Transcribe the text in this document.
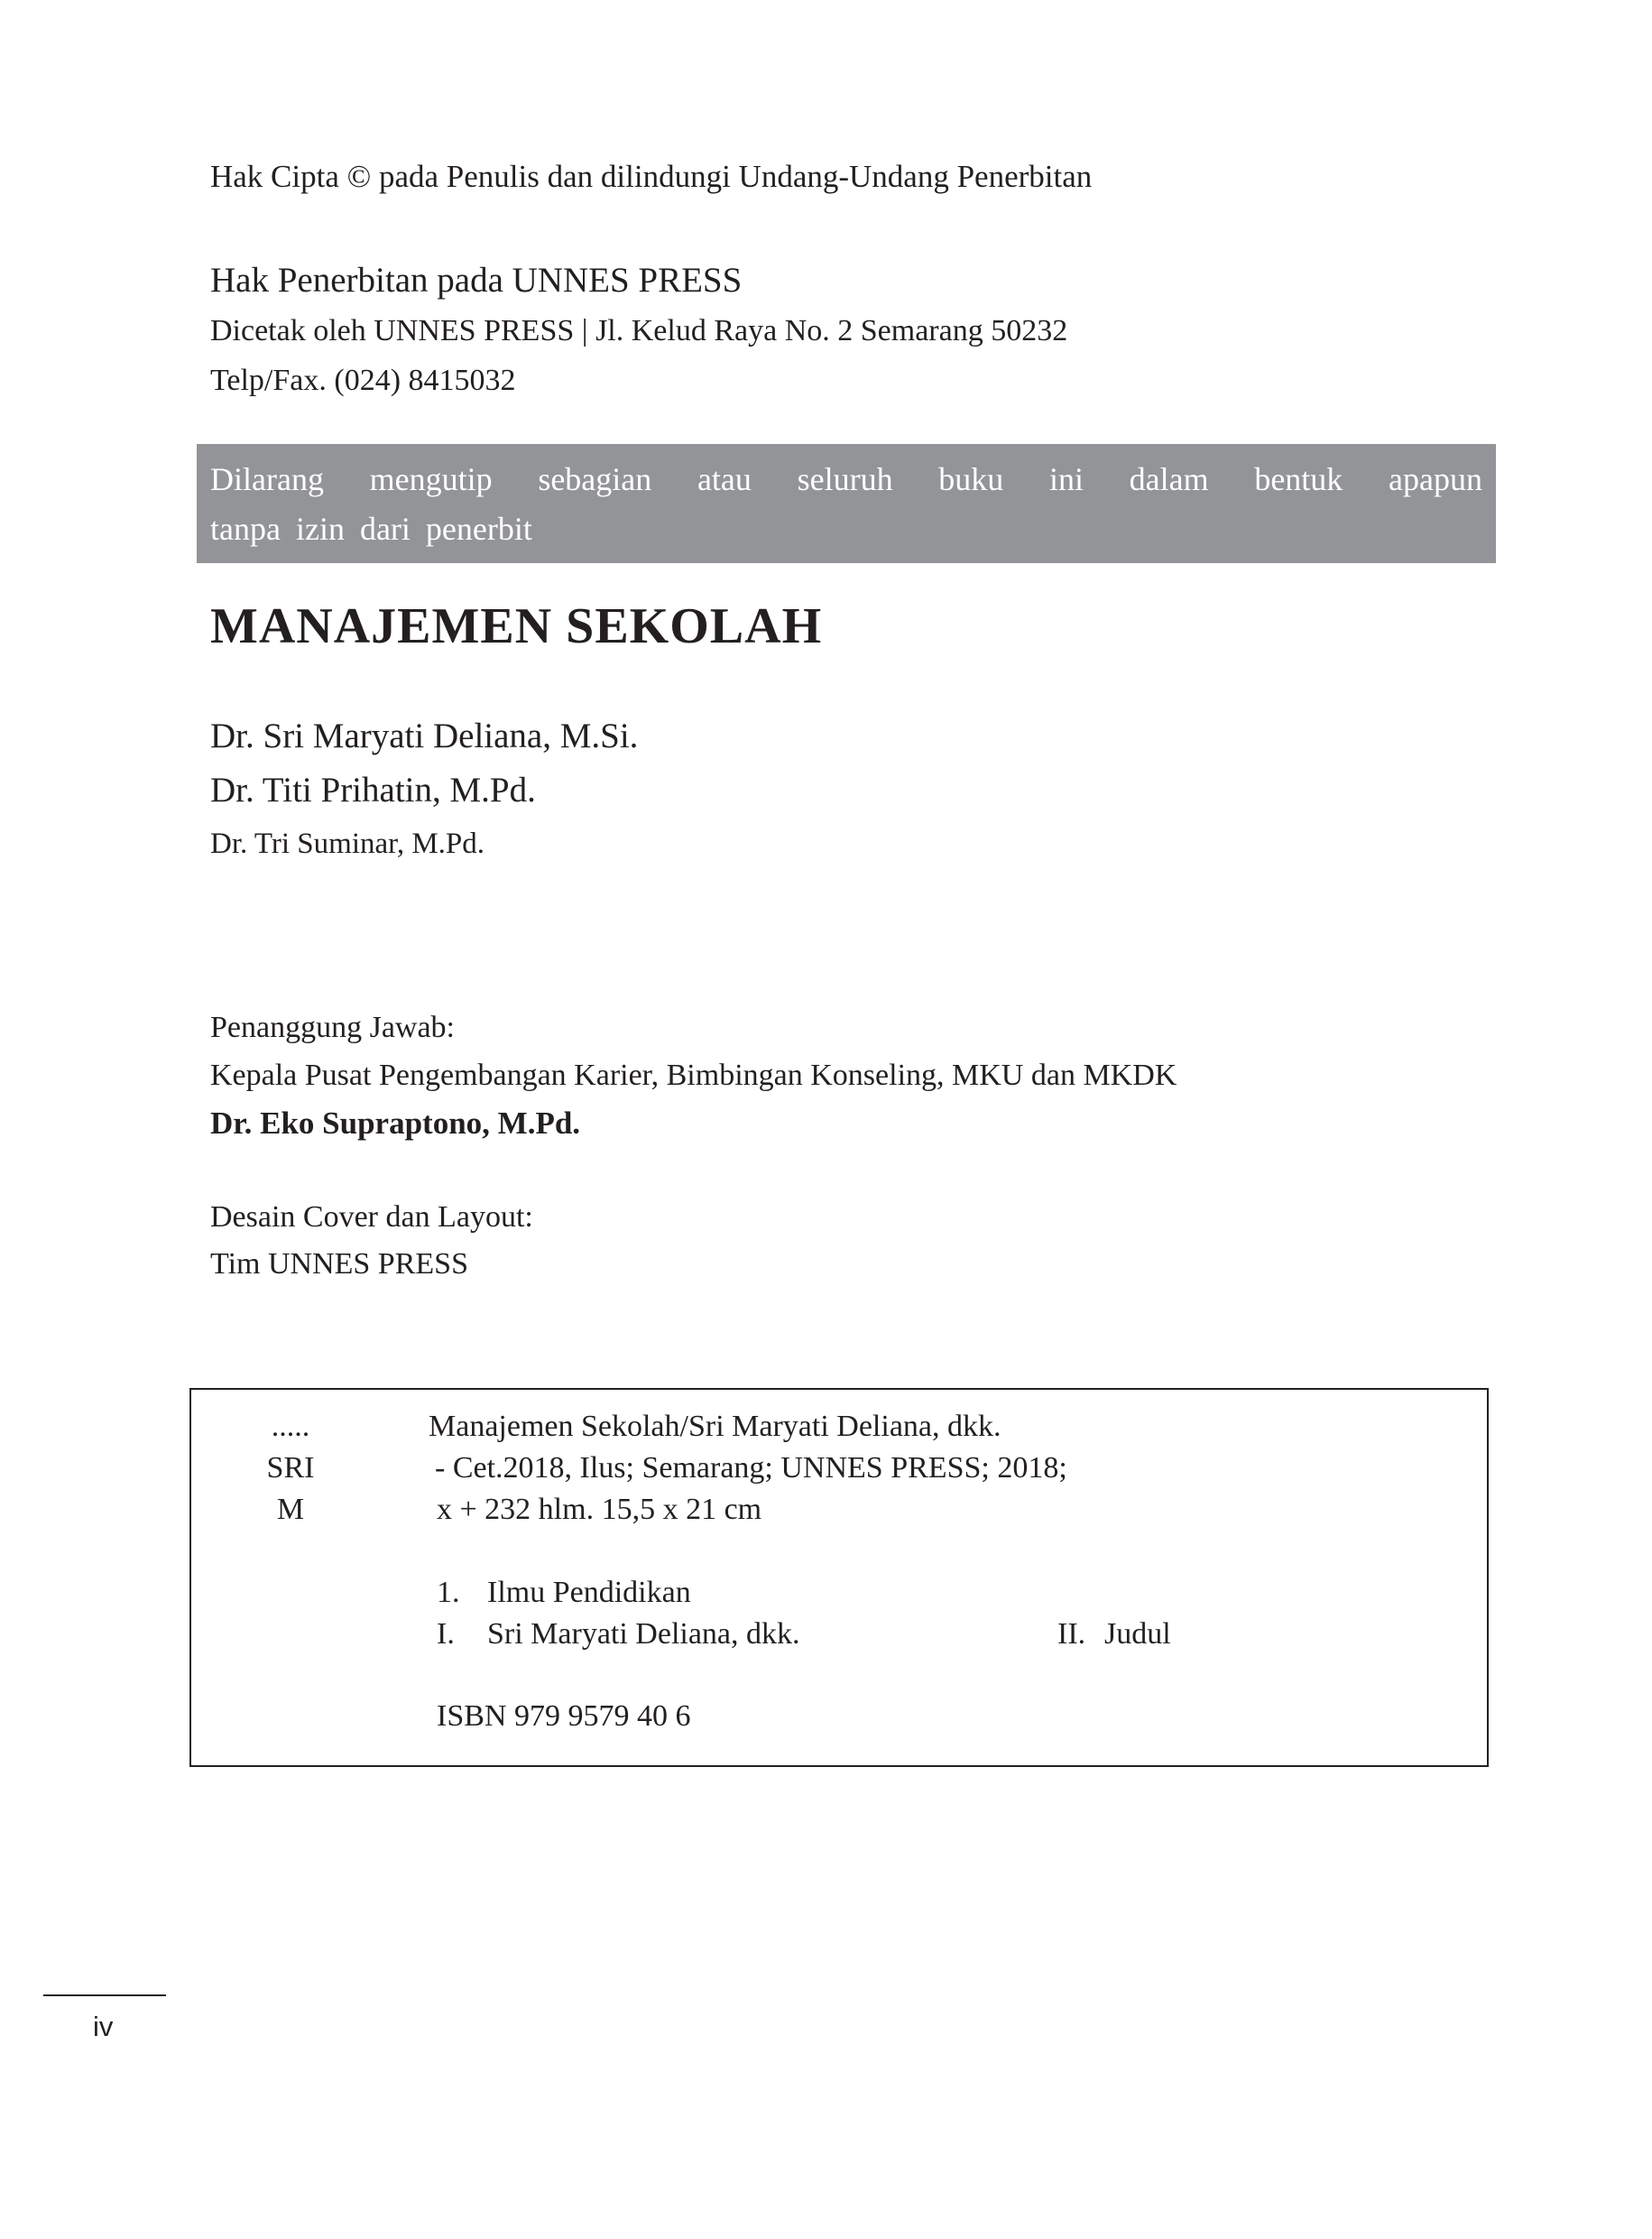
Hak Cipta © pada Penulis dan dilindungi Undang-Undang Penerbitan
Hak Penerbitan pada UNNES PRESS
Dicetak oleh UNNES PRESS | Jl. Kelud Raya No. 2 Semarang 50232
Telp/Fax. (024) 8415032
Dilarang mengutip sebagian atau seluruh buku ini dalam bentuk apapun
tanpa izin dari penerbit
MANAJEMEN SEKOLAH
Dr. Sri Maryati Deliana, M.Si.
Dr. Titi Prihatin, M.Pd.
Dr. Tri Suminar, M.Pd.
Penanggung Jawab:
Kepala Pusat Pengembangan Karier, Bimbingan Konseling, MKU dan MKDK
Dr. Eko Supraptono, M.Pd.
Desain Cover dan Layout:
Tim UNNES PRESS
.....
SRI
M
Manajemen Sekolah/Sri Maryati Deliana, dkk.
- Cet.2018, Ilus; Semarang; UNNES PRESS; 2018;
x + 232 hlm. 15,5 x 21 cm
1. Ilmu Pendidikan
I. Sri Maryati Deliana, dkk.	II. Judul
ISBN 979 9579 40 6
iv
